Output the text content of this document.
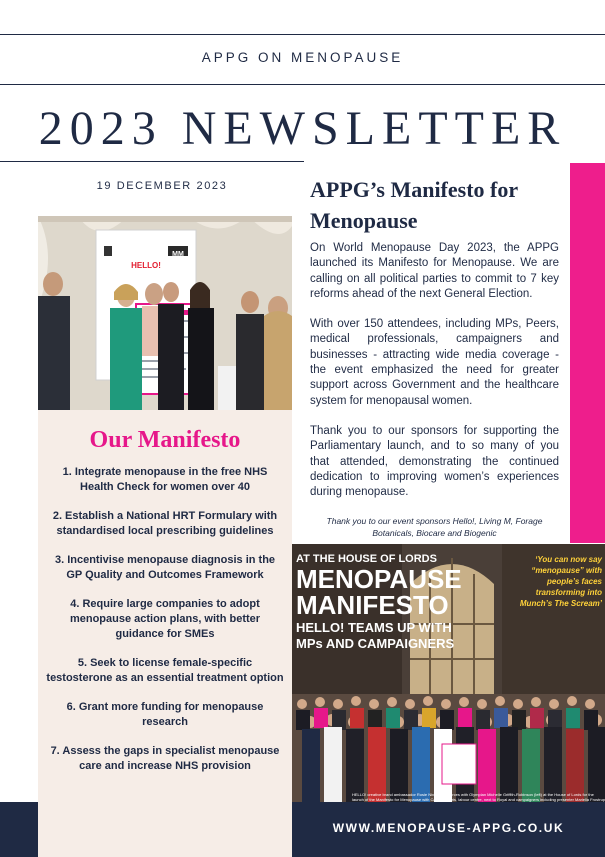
APPG ON MENOPAUSE
2023 NEWSLETTER
19 DECEMBER 2023
HELLO!
MM
Our Manifesto
1. Integrate menopause in the free NHS Health Check for women over 40
2. Establish a National HRT Formulary with standardised local prescribing guidelines
3. Incentivise menopause diagnosis in the GP Quality and Outcomes Framework
4. Require large companies to adopt menopause action plans, with better guidance for SMEs
5. Seek to license female-specific testosterone as an essential treatment option
6. Grant more funding for menopause research
7. Assess the gaps in specialist menopause care and increase NHS provision
APPG’s Manifesto for Menopause

On World Menopause Day 2023, the APPG launched its Manifesto for Menopause. We are calling on all political parties to commit to 7 key reforms ahead of the next General Election.

With over 150 attendees, including MPs, Peers, medical professionals, campaigners and businesses - attracting wide media coverage - the event emphasized the need for greater support across Government and the healthcare system for menopausal women.

Thank you to our sponsors for supporting the Parliamentary launch, and to so many of you that attended, demonstrating the continued dedication to improving women’s experiences during menopause.

Thank you to our event sponsors Hello!, Living M, Forage Botanicals, Biocare and Biogenic
AT THE HOUSE OF LORDS
MENOPAUSE
MANIFESTO
HELLO! TEAMS UP WITH
MPs AND CAMPAIGNERS
‘You can now say
“menopause” with
people’s faces
transforming into
Munch’s The Scream’
HELLO! creative brand ambassador Rosie Nixon joins forces with Olympian Michelle Griffith-Robinson (left) at the House of Lords for the launch of the Manifesto for Menopause with Carolyn Harris, labour centre, next to Royal and campaigners including presenter Mariella Frostrup
WWW.MENOPAUSE-APPG.CO.UK
